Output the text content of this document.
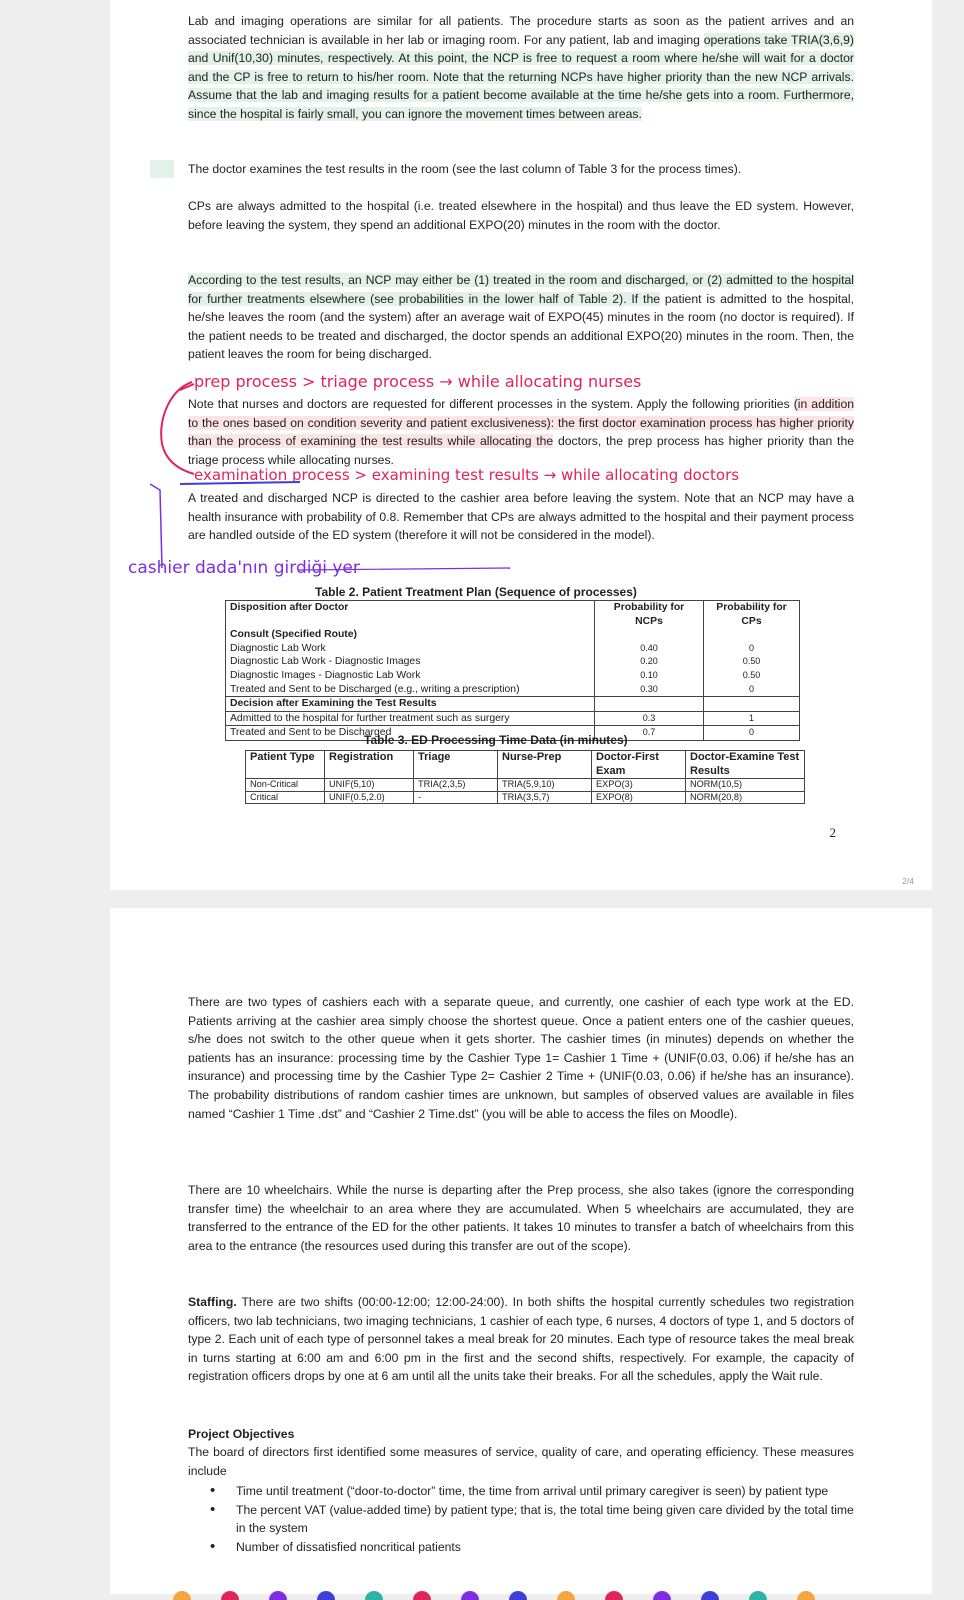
Lab and imaging operations are similar for all patients. The procedure starts as soon as the patient arrives and an associated technician is available in her lab or imaging room. For any patient, lab and imaging operations take TRIA(3,6,9) and Unif(10,30) minutes, respectively. At this point, the NCP is free to request a room where he/she will wait for a doctor and the CP is free to return to his/her room. Note that the returning NCPs have higher priority than the new NCP arrivals. Assume that the lab and imaging results for a patient become available at the time he/she gets into a room. Furthermore, since the hospital is fairly small, you can ignore the movement times between areas.

The doctor examines the test results in the room (see the last column of Table 3 for the process times).

CPs are always admitted to the hospital (i.e. treated elsewhere in the hospital) and thus leave the ED system. However, before leaving the system, they spend an additional EXPO(20) minutes in the room with the doctor.

According to the test results, an NCP may either be (1) treated in the room and discharged, or (2) admitted to the hospital for further treatments elsewhere (see probabilities in the lower half of Table 2). If the patient is admitted to the hospital, he/she leaves the room (and the system) after an average wait of EXPO(45) minutes in the room (no doctor is required). If the patient needs to be treated and discharged, the doctor spends an additional EXPO(20) minutes in the room. Then, the patient leaves the room for being discharged.

prep process > triage process → while allocating nurses

Note that nurses and doctors are requested for different processes in the system. Apply the following priorities (in addition to the ones based on condition severity and patient exclusiveness): the first doctor examination process has higher priority than the process of examining the test results while allocating the doctors, the prep process has higher priority than the triage process while allocating nurses.

examination process > examining test results → while allocating doctors

A treated and discharged NCP is directed to the cashier area before leaving the system. Note that an NCP may have a health insurance with probability of 0.8. Remember that CPs are always admitted to the hospital and their payment process are handled outside of the ED system (therefore it will not be considered in the model).

cashier dada'nın girdiği yer
Table 2. Patient Treatment Plan (Sequence of processes)
Disposition after Doctor	Probability for NCPs	Probability for CPs
Consult (Specified Route)		
Diagnostic Lab Work	0.40	0
Diagnostic Lab Work - Diagnostic Images	0.20	0.50
Diagnostic Images - Diagnostic Lab Work	0.10	0.50
Treated and Sent to be Discharged (e.g., writing a prescription)	0.30	0
Decision after Examining the Test Results		
Admitted to the hospital for further treatment such as surgery	0.3	1
Treated and Sent to be Discharged	0.7	0
Table 3. ED Processing Time Data (in minutes)
Patient Type	Registration	Triage	Nurse-Prep	Doctor-First Exam	Doctor-Examine Test Results
Non-Critical	UNIF(5,10)	TRIA(2,3,5)	TRIA(5,9,10)	EXPO(3)	NORM(10,5)
Critical	UNIF(0.5,2.0)	-	TRIA(3,5,7)	EXPO(8)	NORM(20,8)
2
2/4

There are two types of cashiers each with a separate queue, and currently, one cashier of each type work at the ED. Patients arriving at the cashier area simply choose the shortest queue. Once a patient enters one of the cashier queues, s/he does not switch to the other queue when it gets shorter. The cashier times (in minutes) depends on whether the patients has an insurance: processing time by the Cashier Type 1= Cashier 1 Time + (UNIF(0.03, 0.06) if he/she has an insurance) and processing time by the Cashier Type 2= Cashier 2 Time + (UNIF(0.03, 0.06) if he/she has an insurance). The probability distributions of random cashier times are unknown, but samples of observed values are available in files named “Cashier 1 Time .dst” and “Cashier 2 Time.dst” (you will be able to access the files on Moodle).

There are 10 wheelchairs. While the nurse is departing after the Prep process, she also takes (ignore the corresponding transfer time) the wheelchair to an area where they are accumulated. When 5 wheelchairs are accumulated, they are transferred to the entrance of the ED for the other patients. It takes 10 minutes to transfer a batch of wheelchairs from this area to the entrance (the resources used during this transfer are out of the scope).

Staffing. There are two shifts (00:00-12:00; 12:00-24:00). In both shifts the hospital currently schedules two registration officers, two lab technicians, two imaging technicians, 1 cashier of each type, 6 nurses, 4 doctors of type 1, and 5 doctors of type 2. Each unit of each type of personnel takes a meal break for 20 minutes. Each type of resource takes the meal break in turns starting at 6:00 am and 6:00 pm in the first and the second shifts, respectively. For example, the capacity of registration officers drops by one at 6 am until all the units take their breaks. For all the schedules, apply the Wait rule.

Project Objectives

The board of directors first identified some measures of service, quality of care, and operating efficiency. These measures include

• Time until treatment (“door-to-doctor” time, the time from arrival until primary caregiver is seen) by patient type
• The percent VAT (value-added time) by patient type; that is, the total time being given care divided by the total time in the system
• Number of dissatisfied noncritical patients
